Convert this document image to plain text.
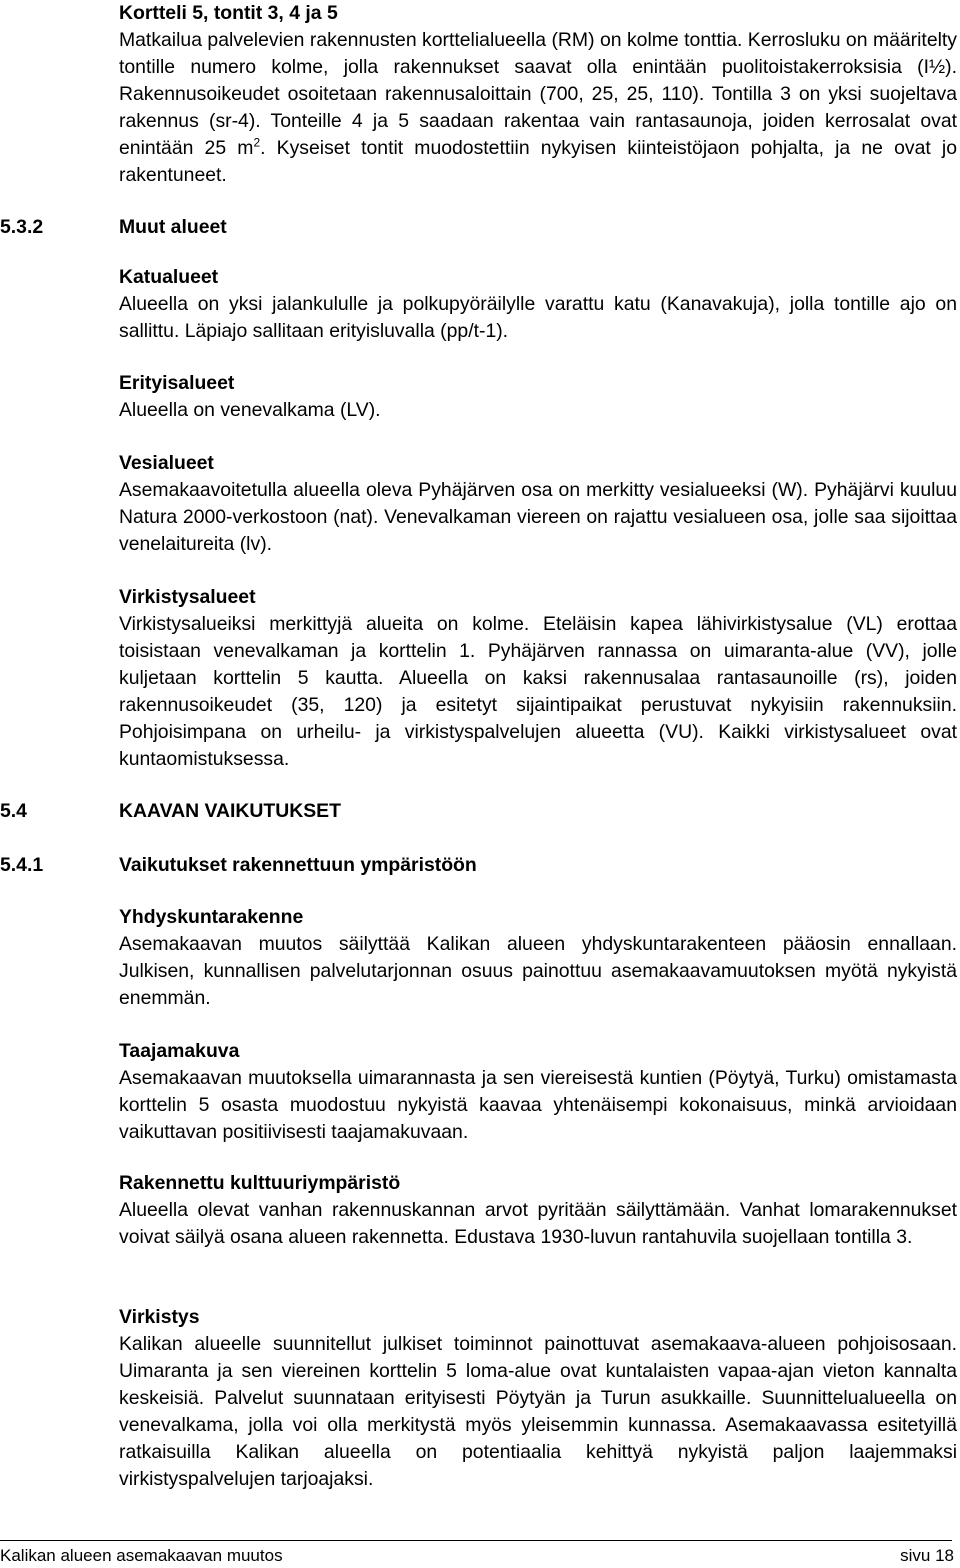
Kortteli 5, tontit 3, 4 ja 5

Matkailua palvelevien rakennusten korttelialueella (RM) on kolme tonttia. Kerrosluku on määritelty tontille numero kolme, jolla rakennukset saavat olla enintään puolitoistakerroksisia (I½). Rakennusoikeudet osoitetaan rakennusaloittain (700, 25, 25, 110). Tontilla 3 on yksi suojeltava rakennus (sr-4). Tonteille 4 ja 5 saadaan rakentaa vain rantasaunoja, joiden kerrosalat ovat enintään 25 $m^2$. Kyseiset tontit muodostettiin nykyisen kiinteistöjaon pohjalta, ja ne ovat jo rakentuneet.

5.3.2	Muut alueet
Katualueet

Alueella on yksi jalankululle ja polkupyöräilylle varattu katu (Kanavakuja), jolla tontille ajo on sallittu. Läpiajo sallitaan erityisluvalla (pp/t-1).

Erityisalueet

Alueella on venevalkama (LV).

Vesialueet

Asemakaavoitetulla alueella oleva Pyhäjärven osa on merkitty vesialueeksi (W). Pyhäjärvi kuuluu Natura 2000-verkostoon (nat). Venevalkaman viereen on rajattu vesialueen osa, jolle saa sijoittaa venelaitureita (lv).

Virkistysalueet

Virkistysalueiksi merkittyjä alueita on kolme. Eteläisin kapea lähivirkistysalue (VL) erottaa toisistaan venevalkaman ja korttelin 1. Pyhäjärven rannassa on uimaranta-alue (VV), jolle kuljetaan korttelin 5 kautta. Alueella on kaksi rakennusalaa rantasaunoille (rs), joiden rakennusoikeudet (35, 120) ja esitetyt sijaintipaikat perustuvat nykyisiin rakennuksiin. Pohjoisimpana on urheilu- ja virkistyspalvelujen alueetta (VU). Kaikki virkistysalueet ovat kuntaomistuksessa.

5.4	KAAVAN VAIKUTUKSET
5.4.1	Vaikutukset rakennettuun ympäristöön
Yhdyskuntarakenne

Asemakaavan muutos säilyttää Kalikan alueen yhdyskuntarakenteen pääosin ennallaan. Julkisen, kunnallisen palvelutarjonnan osuus painottuu asemakaavamuutoksen myötä nykyistä enemmän.

Taajamakuva

Asemakaavan muutoksella uimarannasta ja sen viereisestä kuntien (Pöytyä, Turku) omistamasta korttelin 5 osasta muodostuu nykyistä kaavaa yhtenäisempi kokonaisuus, minkä arvioidaan vaikuttavan positiivisesti taajamakuvaan.

Rakennettu kulttuuriympäristö

Alueella olevat vanhan rakennuskannan arvot pyritään säilyttämään. Vanhat lomarakennukset voivat säilyä osana alueen rakennetta. Edustava 1930-luvun rantahuvila suojellaan tontilla 3.

Virkistys

Kalikan alueelle suunnitellut julkiset toiminnot painottuvat asemakaava-alueen pohjoisosaan. Uimaranta ja sen viereinen korttelin 5 loma-alue ovat kuntalaisten vapaa-ajan vieton kannalta keskeisiä. Palvelut suunnataan erityisesti Pöytyän ja Turun asukkaille. Suunnittelualueella on venevalkama, jolla voi olla merkitystä myös yleisemmin kunnassa. Asemakaavassa esitetyillä ratkaisuilla Kalikan alueella on potentiaalia kehittyä nykyistä paljon laajemmaksi virkistyspalvelujen tarjoajaksi.

Kalikan alueen asemakaavan muutos	sivu 18
